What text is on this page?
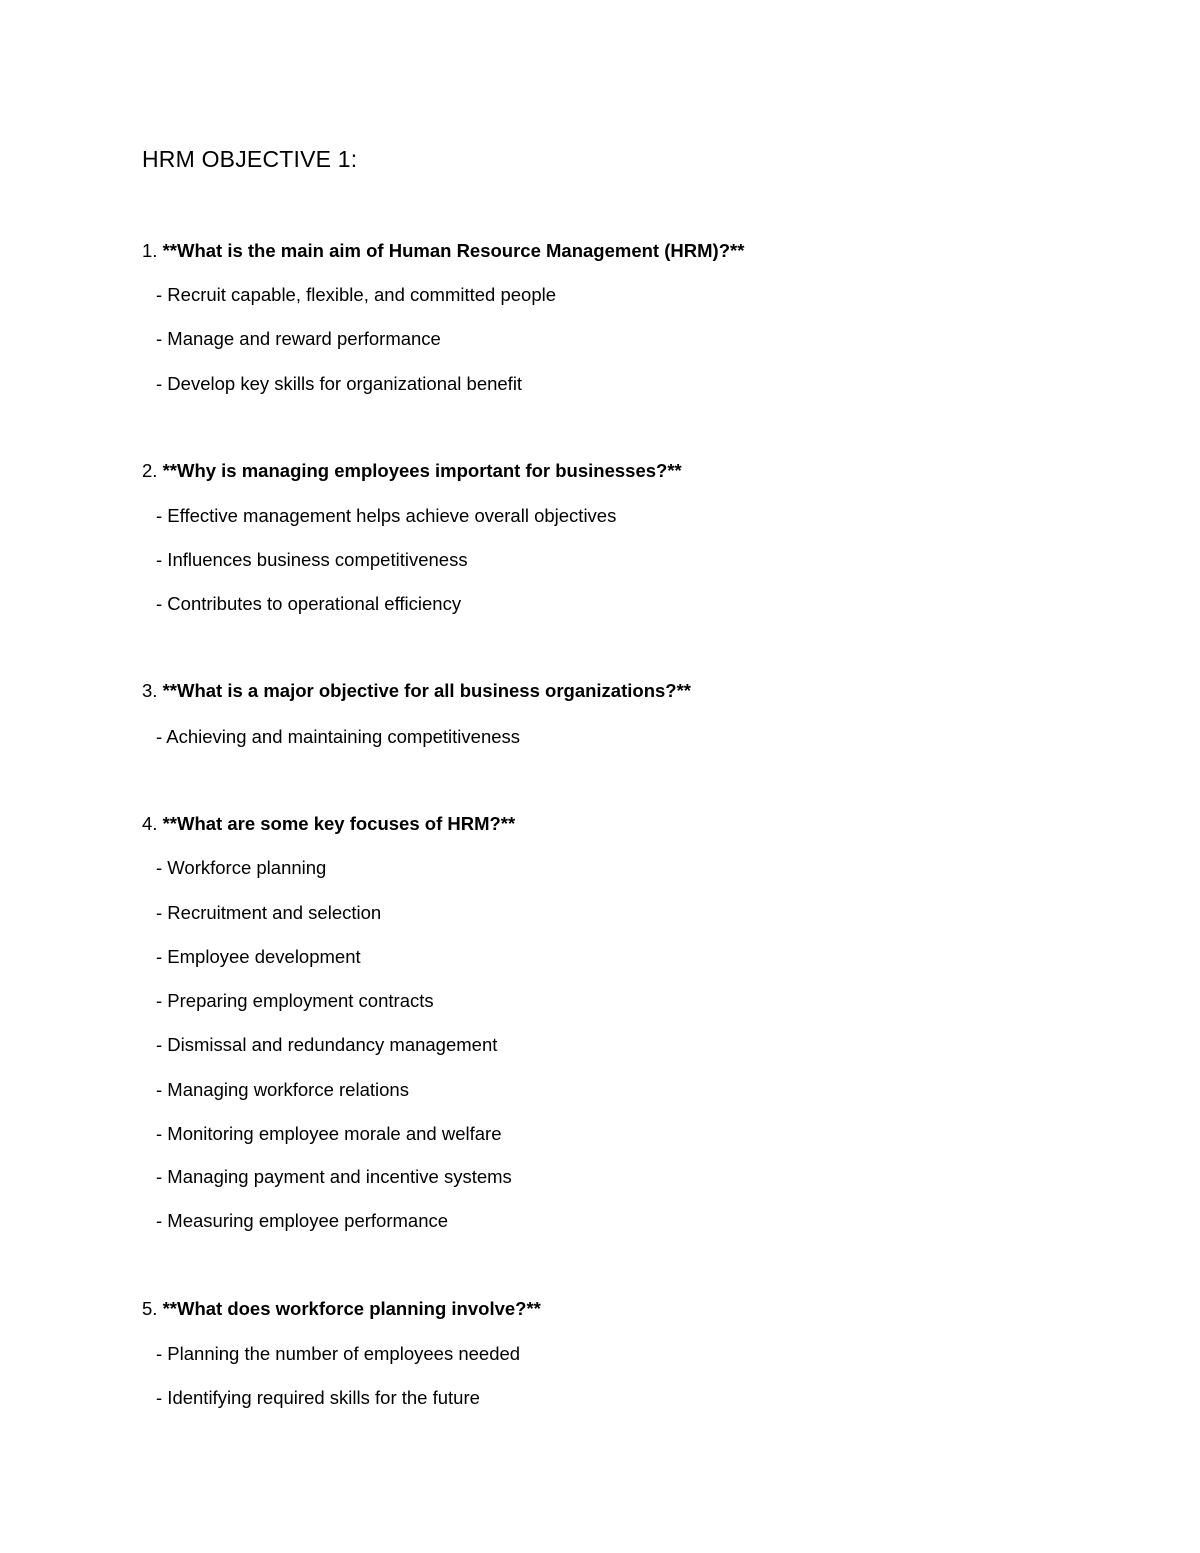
HRM OBJECTIVE 1:
1. **What is the main aim of Human Resource Management (HRM)?**
- Recruit capable, flexible, and committed people
- Manage and reward performance
- Develop key skills for organizational benefit
2. **Why is managing employees important for businesses?**
- Effective management helps achieve overall objectives
- Influences business competitiveness
- Contributes to operational efficiency
3. **What is a major objective for all business organizations?**
- Achieving and maintaining competitiveness
4. **What are some key focuses of HRM?**
- Workforce planning
- Recruitment and selection
- Employee development
- Preparing employment contracts
- Dismissal and redundancy management
- Managing workforce relations
- Monitoring employee morale and welfare
- Managing payment and incentive systems
- Measuring employee performance
5. **What does workforce planning involve?**
- Planning the number of employees needed
- Identifying required skills for the future
